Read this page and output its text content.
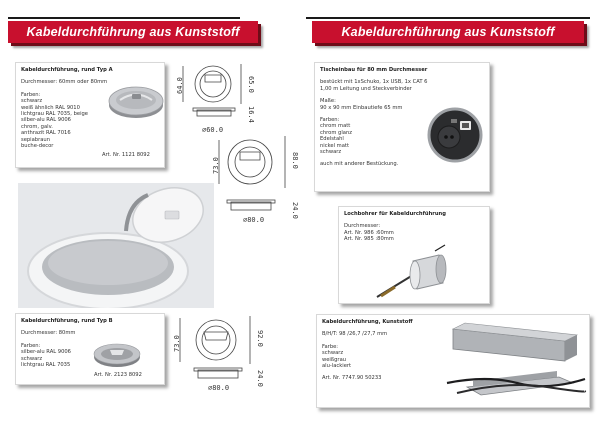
Kabeldurchführung aus Kunststoff

Kabeldurchführung, rund Typ A

Durchmesser: 60mm oder 80mm

Farben:

schwarz

weiß ähnlich RAL 9010

lichtgrau RAL 7035, beige

silber-alu RAL 9006

chrom, galv.

anthrazit RAL 7016

sepiabraun

buche-decor

Art. Nr. 1121 8092
64.0	65.0
⌀60.0
16.4
73.0	88.0
⌀80.0
24.0

Kabeldurchführung, rund Typ B

Durchmesser: 80mm

Farben:

silber-alu RAL 9006

schwarz

lichtgrau RAL 7035

Art. Nr. 2123 8092
73.0	92.0
⌀80.0
24.0
Kabeldurchführung aus Kunststoff

Tischeinbau für 80 mm Durchmesser

bestückt mit 1xSchuko, 1x USB, 1x CAT 6

1,00 m Leitung und Steckverbinder

Maße:

90 x 90 mm Einbautiefe 65 mm

Farben:

chrom matt

chrom glanz

Edelstahl

nickel matt

schwarz

auch mit anderer Bestückung.

Lochbohrer für Kabeldurchführung

Durchmesser:

Art. Nr. 986 :60mm

Art. Nr. 985 :80mm

Kabeldurchführung, Kunststoff

B/H/T: 98 /26,7 /27,7 mm

Farbe:

schwarz

weißgrau

alu-lackiert

Art. Nr. 7747.90 50233
